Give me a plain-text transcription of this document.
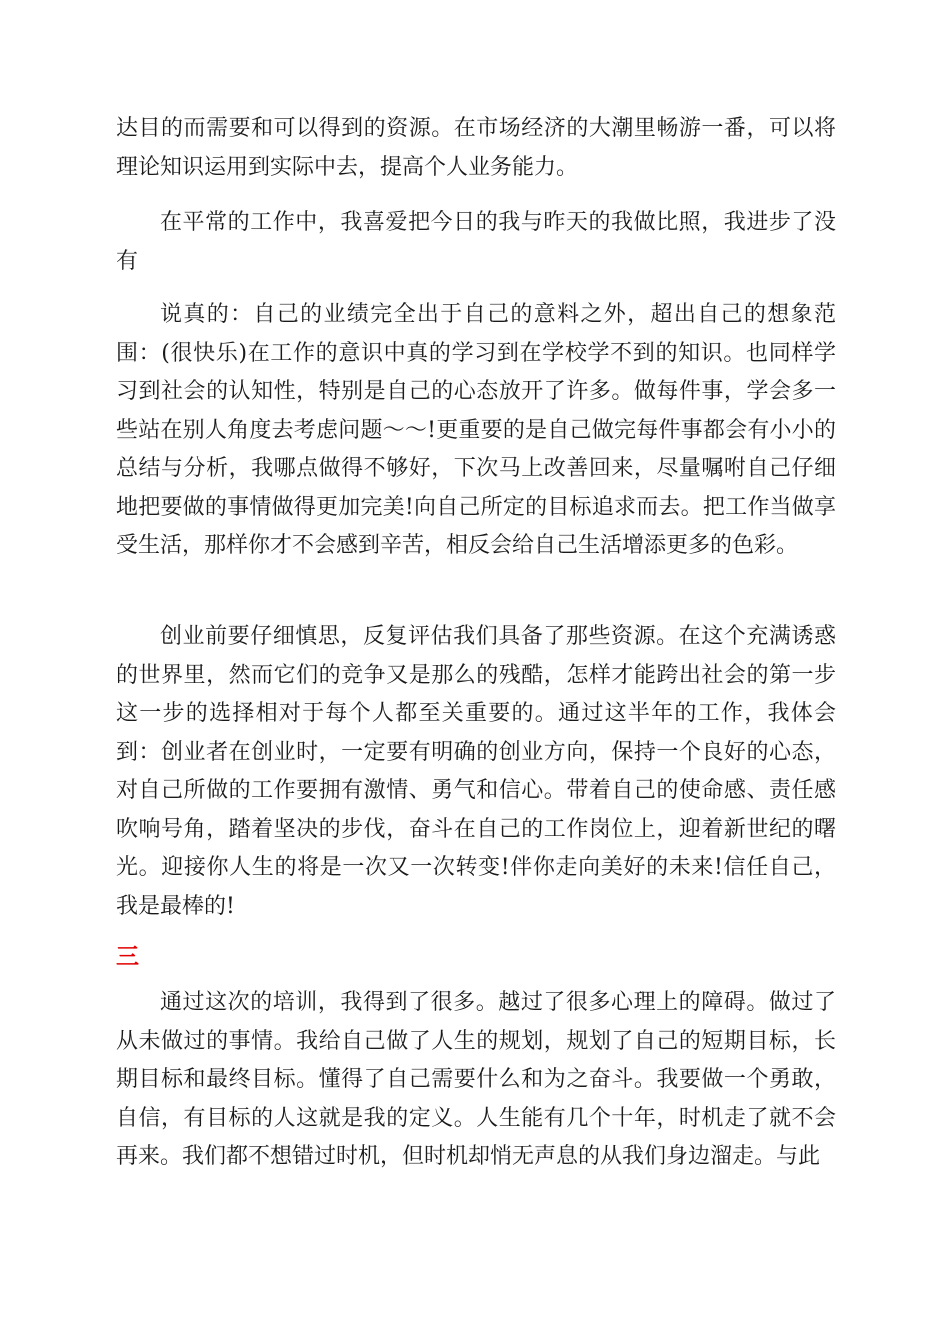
达目的而需要和可以得到的资源。在市场经济的大潮里畅游一番，可以将理论知识运用到实际中去，提高个人业务能力。

在平常的工作中，我喜爱把今日的我与昨天的我做比照，我进步了没有

说真的：自己的业绩完全出于自己的意料之外，超出自己的想象范围：(很快乐)在工作的意识中真的学习到在学校学不到的知识。也同样学习到社会的认知性，特别是自己的心态放开了许多。做每件事，学会多一些站在别人角度去考虑问题～～!更重要的是自己做完每件事都会有小小的总结与分析，我哪点做得不够好，下次马上改善回来，尽量嘱咐自己仔细地把要做的事情做得更加完美!向自己所定的目标追求而去。把工作当做享受生活，那样你才不会感到辛苦，相反会给自己生活增添更多的色彩。

创业前要仔细慎思，反复评估我们具备了那些资源。在这个充满诱惑的世界里，然而它们的竞争又是那么的残酷，怎样才能跨出社会的第一步这一步的选择相对于每个人都至关重要的。通过这半年的工作，我体会到：创业者在创业时，一定要有明确的创业方向，保持一个良好的心态，对自己所做的工作要拥有激情、勇气和信心。带着自己的使命感、责任感吹响号角，踏着坚决的步伐，奋斗在自己的工作岗位上，迎着新世纪的曙光。迎接你人生的将是一次又一次转变!伴你走向美好的未来!信任自己，我是最棒的!

三

通过这次的培训，我得到了很多。越过了很多心理上的障碍。做过了从未做过的事情。我给自己做了人生的规划，规划了自己的短期目标，长期目标和最终目标。懂得了自己需要什么和为之奋斗。我要做一个勇敢，自信，有目标的人这就是我的定义。人生能有几个十年，时机走了就不会再来。我们都不想错过时机，但时机却悄无声息的从我们身边溜走。与此
